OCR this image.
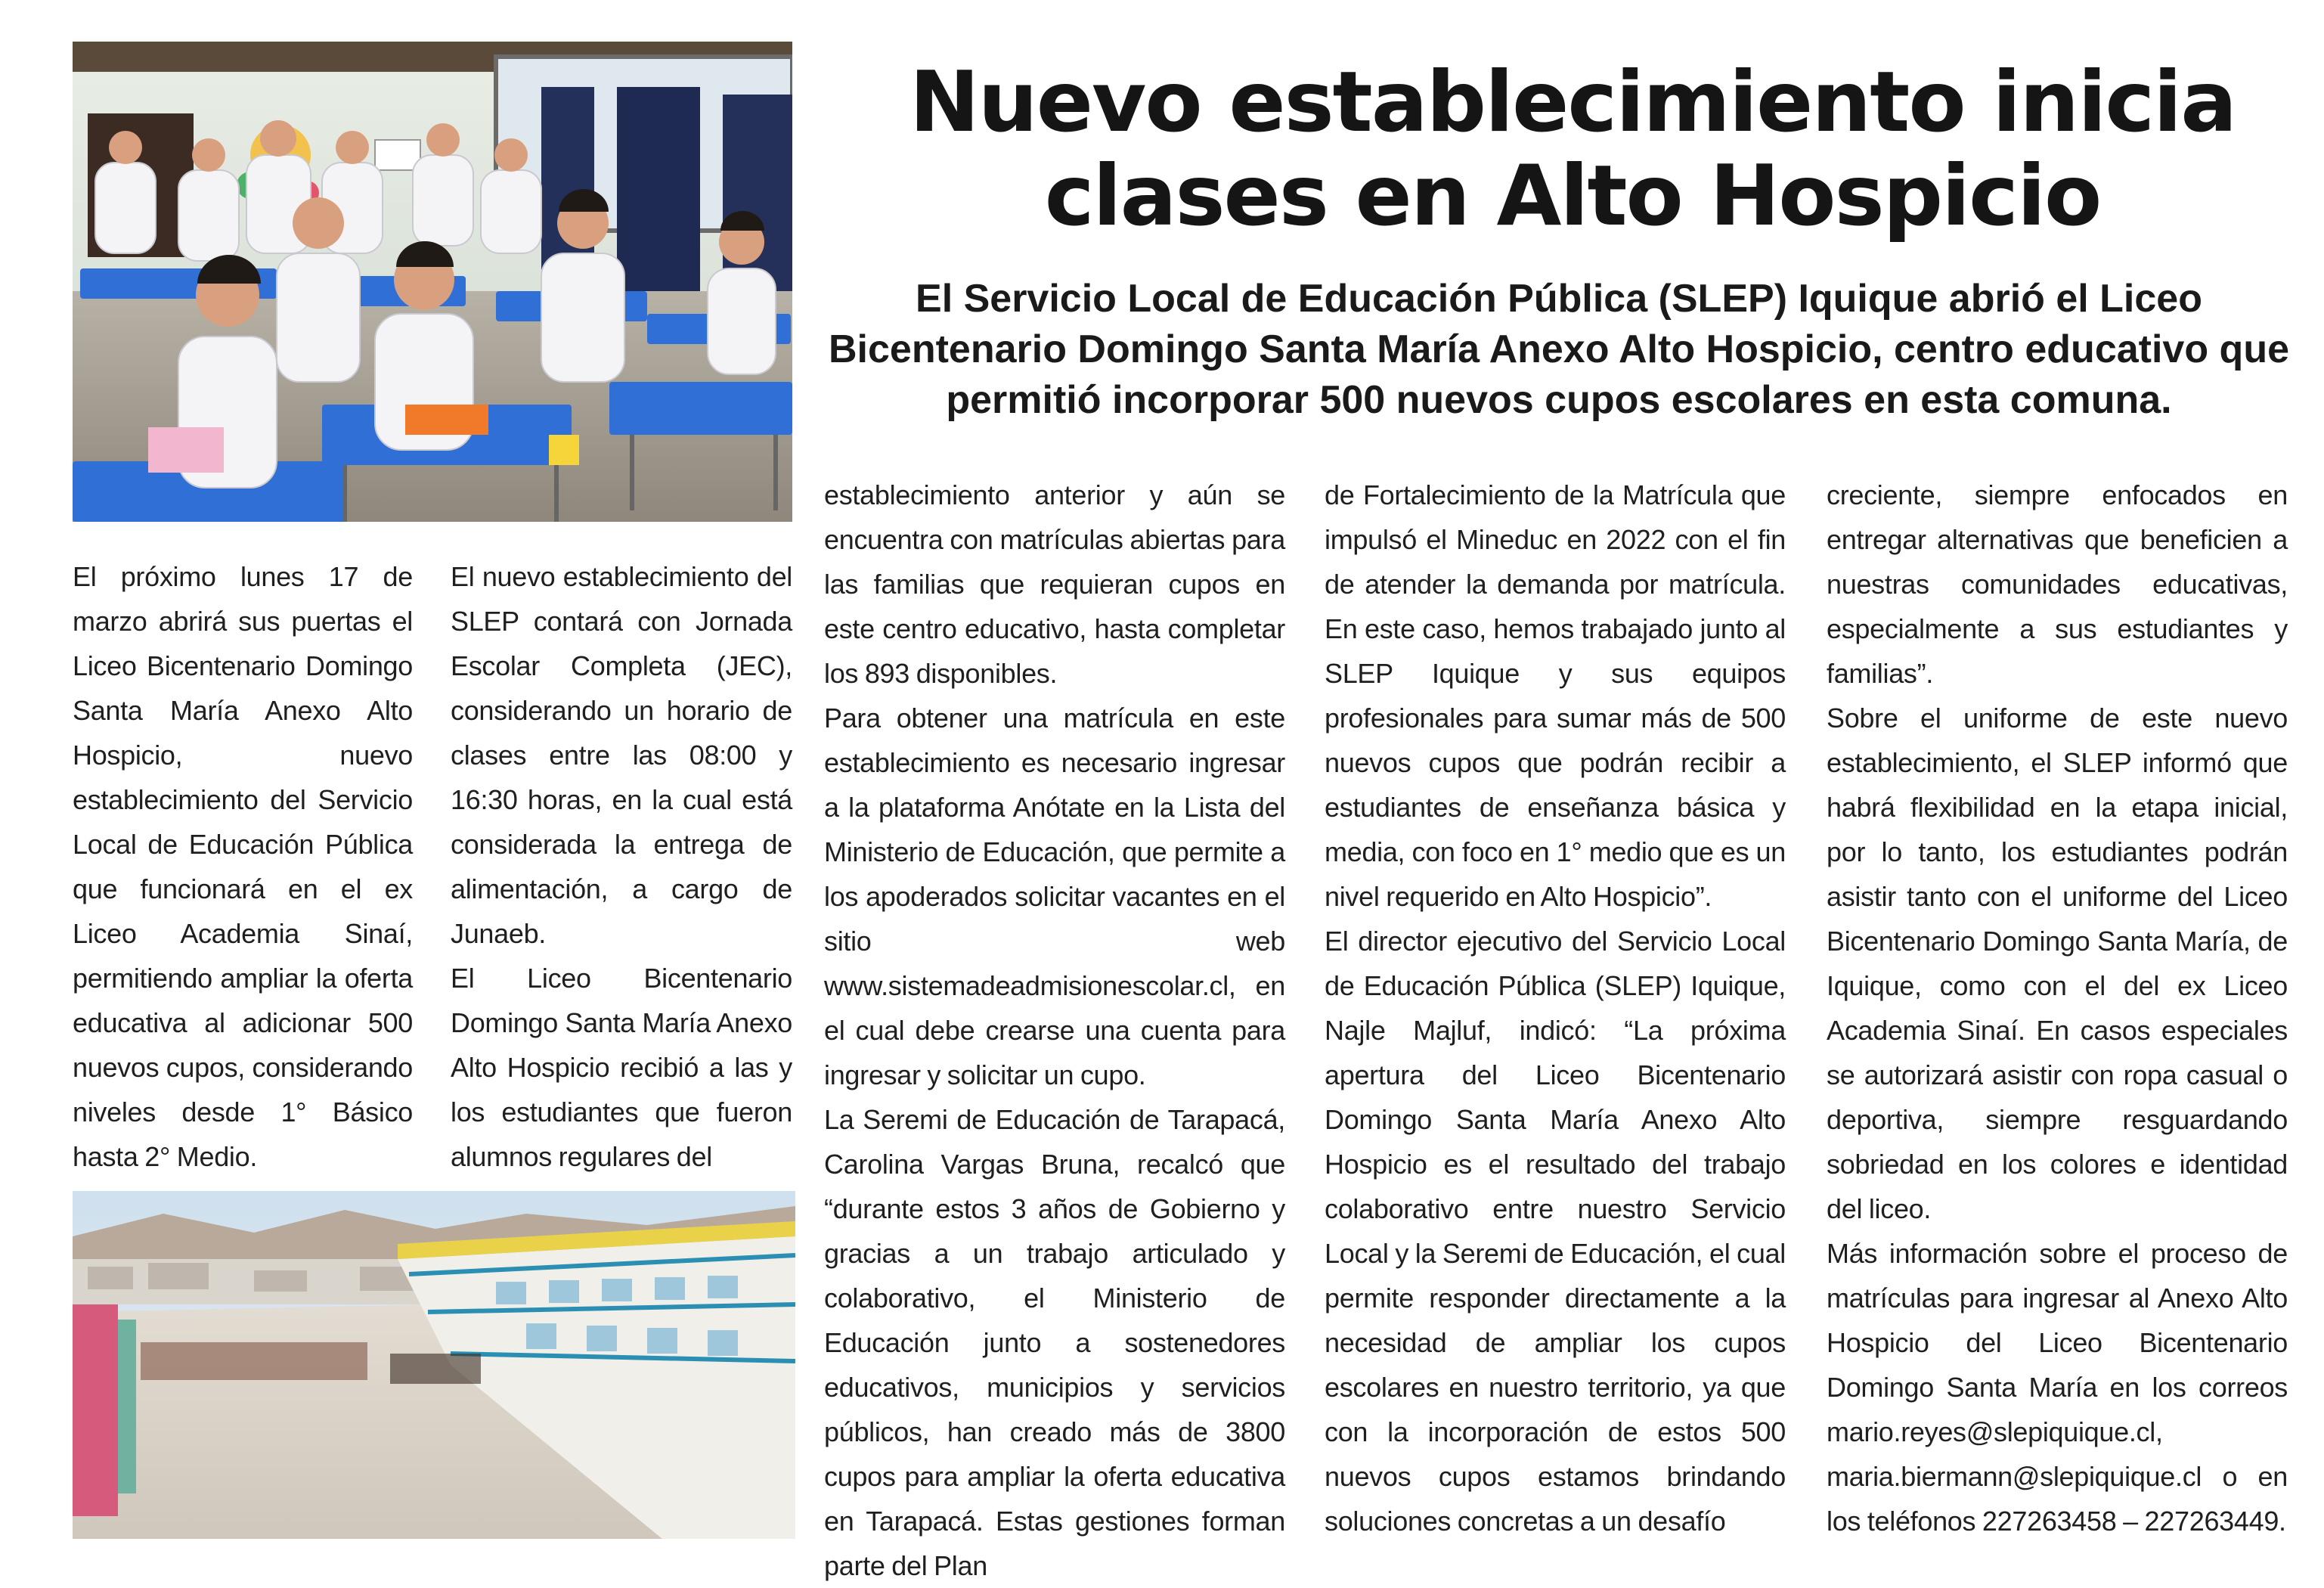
Nuevo establecimiento inicia clases en Alto Hospicio

El Servicio Local de Educación Pública (SLEP) Iquique abrió el Liceo Bicentenario Domingo Santa María Anexo Alto Hospicio, centro educativo que permitió incorporar 500 nuevos cupos escolares en esta comuna.

El próximo lunes 17 de marzo abrirá sus puertas el Liceo Bicentenario Domingo Santa María Anexo Alto Hospicio, nuevo establecimiento del Servicio Local de Educación Pública que funcionará en el ex Liceo Academia Sinaí, permitiendo ampliar la oferta educativa al adicionar 500 nuevos cupos, considerando niveles desde 1° Básico hasta 2° Medio.

El nuevo establecimiento del SLEP contará con Jornada Escolar Completa (JEC), considerando un horario de clases entre las 08:00 y 16:30 horas, en la cual está considerada la entrega de alimentación, a cargo de Junaeb.

El Liceo Bicentenario Domingo Santa María Anexo Alto Hospicio recibió a las y los estudiantes que fueron alumnos regulares del

establecimiento anterior y aún se encuentra con matrículas abiertas para las familias que requieran cupos en este centro educativo, hasta completar los 893 disponibles.

Para obtener una matrícula en este establecimiento es necesario ingresar a la plataforma Anótate en la Lista del Ministerio de Educación, que permite a los apoderados solicitar vacantes en el sitio web www.sistemadeadmisionescolar.cl, en el cual debe crearse una cuenta para ingresar y solicitar un cupo.

La Seremi de Educación de Tarapacá, Carolina Vargas Bruna, recalcó que “durante estos 3 años de Gobierno y gracias a un trabajo articulado y colaborativo, el Ministerio de Educación junto a sostenedores educativos, municipios y servicios públicos, han creado más de 3800 cupos para ampliar la oferta educativa en Tarapacá. Estas gestiones forman parte del Plan

de Fortalecimiento de la Matrícula que impulsó el Mineduc en 2022 con el fin de atender la demanda por matrícula. En este caso, hemos trabajado junto al SLEP Iquique y sus equipos profesionales para sumar más de 500 nuevos cupos que podrán recibir a estudiantes de enseñanza básica y media, con foco en 1° medio que es un nivel requerido en Alto Hospicio”.

El director ejecutivo del Servicio Local de Educación Pública (SLEP) Iquique, Najle Majluf, indicó: “La próxima apertura del Liceo Bicentenario Domingo Santa María Anexo Alto Hospicio es el resultado del trabajo colaborativo entre nuestro Servicio Local y la Seremi de Educación, el cual permite responder directamente a la necesidad de ampliar los cupos escolares en nuestro territorio, ya que con la incorporación de estos 500 nuevos cupos estamos brindando soluciones concretas a un desafío

creciente, siempre enfocados en entregar alternativas que beneficien a nuestras comunidades educativas, especialmente a sus estudiantes y familias”.

Sobre el uniforme de este nuevo establecimiento, el SLEP informó que habrá flexibilidad en la etapa inicial, por lo tanto, los estudiantes podrán asistir tanto con el uniforme del Liceo Bicentenario Domingo Santa María, de Iquique, como con el del ex Liceo Academia Sinaí. En casos especiales se autorizará asistir con ropa casual o deportiva, siempre resguardando sobriedad en los colores e identidad del liceo.

Más información sobre el proceso de matrículas para ingresar al Anexo Alto Hospicio del Liceo Bicentenario Domingo Santa María en los correos mario.reyes@slepiquique.cl, maria.biermann@slepiquique.cl o en los teléfonos 227263458 – 227263449.
